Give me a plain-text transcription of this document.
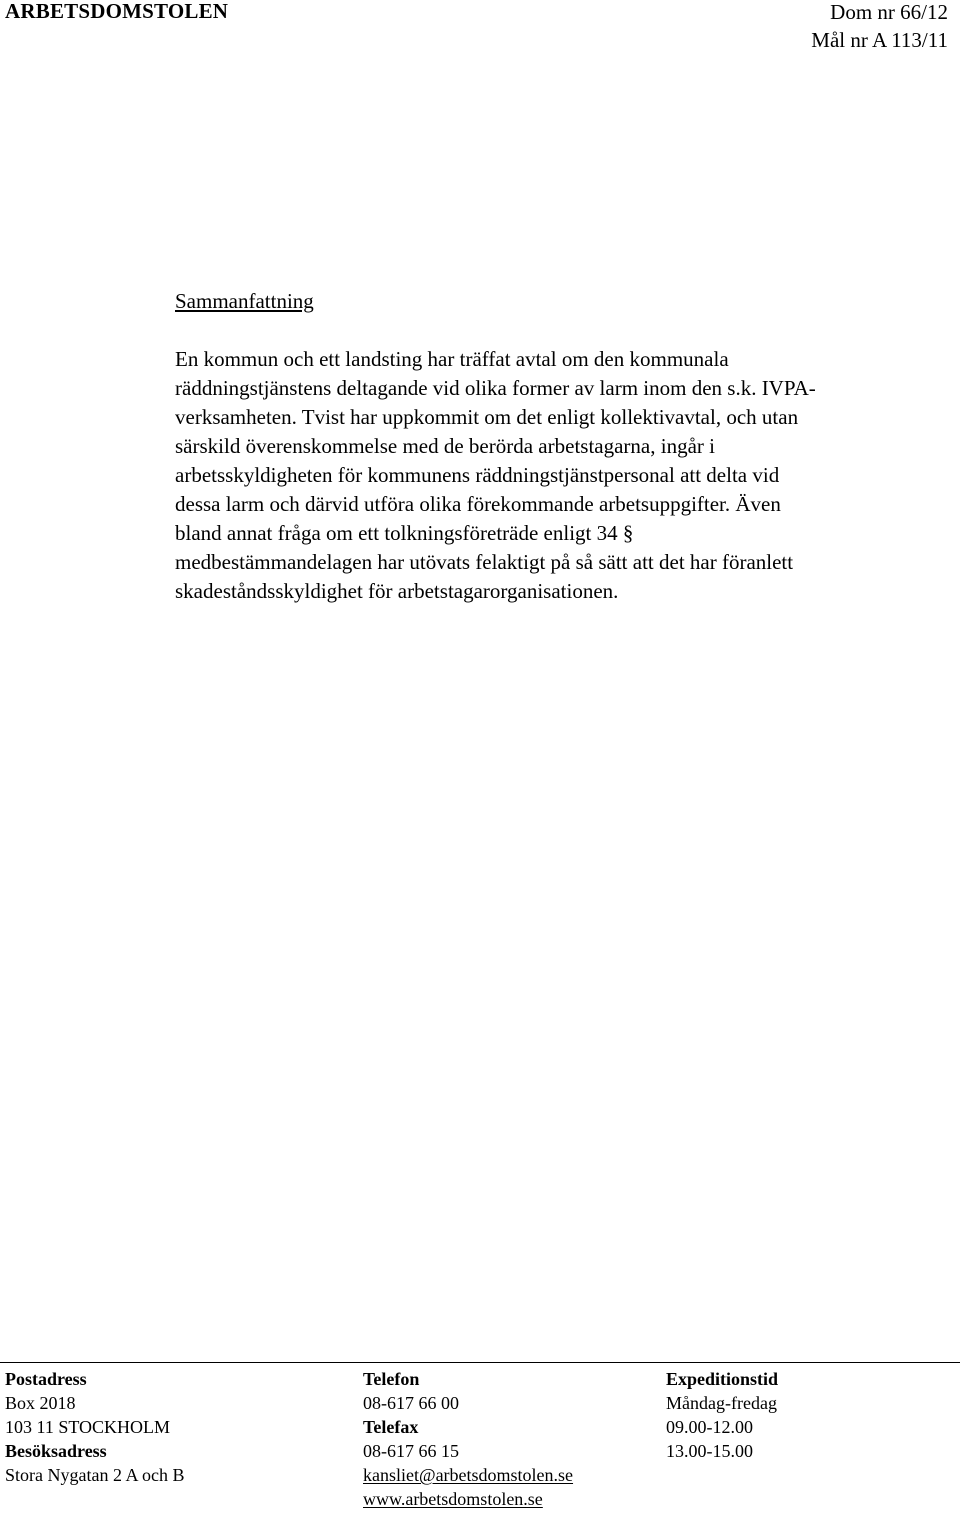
ARBETSDOMSTOLEN	Dom nr 66/12
Mål nr A 113/11
Sammanfattning
En kommun och ett landsting har träffat avtal om den kommunala
räddningstjänstens deltagande vid olika former av larm inom den s.k. IVPA-
verksamheten. Tvist har uppkommit om det enligt kollektivavtal, och utan
särskild överenskommelse med de berörda arbetstagarna, ingår i
arbetsskyldigheten för kommunens räddningstjänstpersonal att delta vid
dessa larm och därvid utföra olika förekommande arbetsuppgifter. Även
bland annat fråga om ett tolkningsföreträde enligt 34 §
medbestämmandelagen har utövats felaktigt på så sätt att det har föranlett
skadeståndsskyldighet för arbetstagarorganisationen.
Postadress
Box 2018
103 11 STOCKHOLM
Besöksadress
Stora Nygatan 2 A och B
Telefon
08-617 66 00
Telefax
08-617 66 15
kansliet@arbetsdomstolen.se
www.arbetsdomstolen.se
Expeditionstid
Måndag-fredag
09.00-12.00
13.00-15.00
